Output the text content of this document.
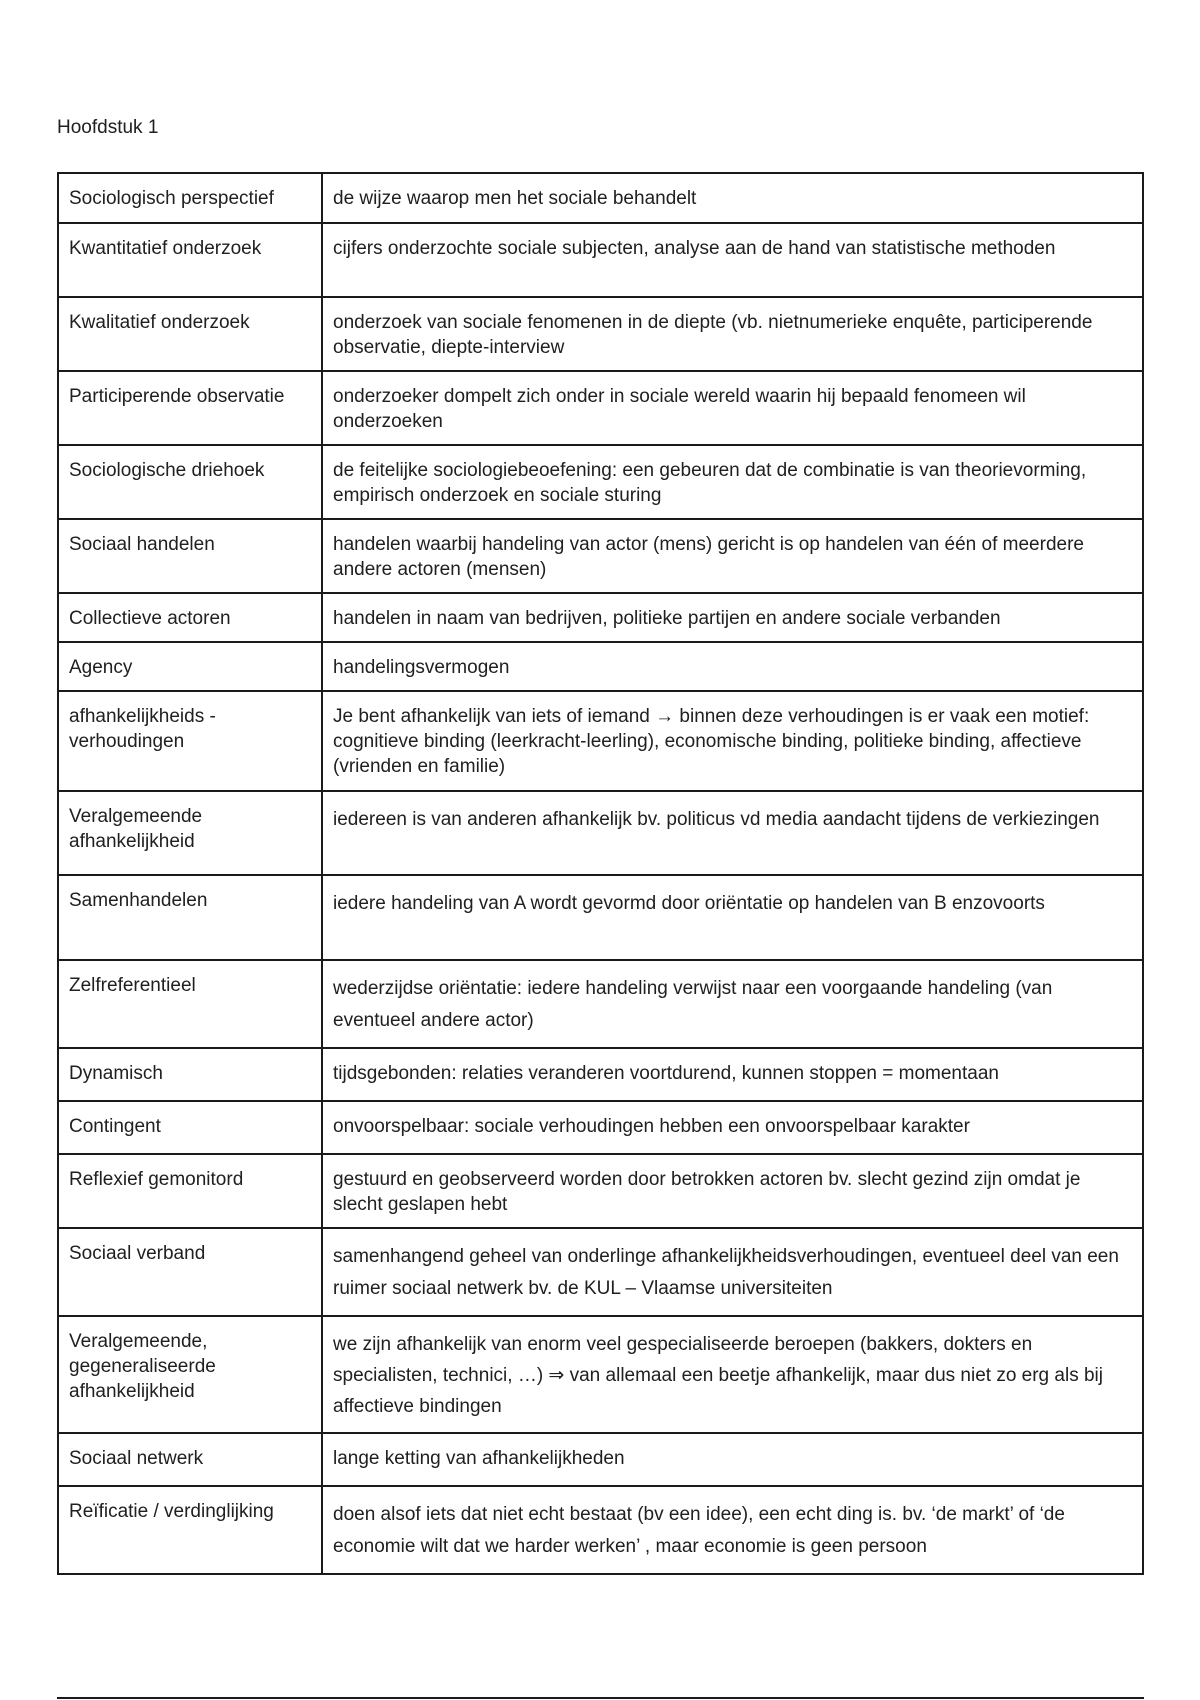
Hoofdstuk 1
Sociologisch perspectief	de wijze waarop men het sociale behandelt
Kwantitatief onderzoek	cijfers onderzochte sociale subjecten, analyse aan de hand van statistische methoden
Kwalitatief onderzoek	onderzoek van sociale fenomenen in de diepte (vb. nietnumerieke enquête, participerende observatie, diepte-interview
Participerende observatie	onderzoeker dompelt zich onder in sociale wereld waarin hij bepaald fenomeen wil onderzoeken
Sociologische driehoek	de feitelijke sociologiebeoefening: een gebeuren dat de combinatie is van theorievorming, empirisch onderzoek en sociale sturing
Sociaal handelen	handelen waarbij handeling van actor (mens) gericht is op handelen van één of meerdere andere actoren (mensen)
Collectieve actoren	handelen in naam van bedrijven, politieke partijen en andere sociale verbanden
Agency	handelingsvermogen
afhankelijkheids - verhoudingen	Je bent afhankelijk van iets of iemand → binnen deze verhoudingen is er vaak een motief: cognitieve binding (leerkracht-leerling), economische binding, politieke binding, affectieve (vrienden en familie)
Veralgemeende afhankelijkheid	iedereen is van anderen afhankelijk bv. politicus vd media aandacht tijdens de verkiezingen
Samenhandelen	iedere handeling van A wordt gevormd door oriëntatie op handelen van B enzovoorts
Zelfreferentieel	wederzijdse oriëntatie: iedere handeling verwijst naar een voorgaande handeling (van eventueel andere actor)
Dynamisch	tijdsgebonden: relaties veranderen voortdurend, kunnen stoppen = momentaan
Contingent	onvoorspelbaar: sociale verhoudingen hebben een onvoorspelbaar karakter
Reflexief gemonitord	gestuurd en geobserveerd worden door betrokken actoren bv. slecht gezind zijn omdat je slecht geslapen hebt
Sociaal verband	samenhangend geheel van onderlinge afhankelijkheidsverhoudingen, eventueel deel van een ruimer sociaal netwerk bv. de KUL – Vlaamse universiteiten
Veralgemeende, gegeneraliseerde afhankelijkheid	we zijn afhankelijk van enorm veel gespecialiseerde beroepen (bakkers, dokters en specialisten, technici, …) ⇒ van allemaal een beetje afhankelijk, maar dus niet zo erg als bij affectieve bindingen
Sociaal netwerk	lange ketting van afhankelijkheden
Reïficatie / verdinglijking	doen alsof iets dat niet echt bestaat (bv een idee), een echt ding is. bv. ‘de markt’ of ‘de economie wilt dat we harder werken’ , maar economie is geen persoon
